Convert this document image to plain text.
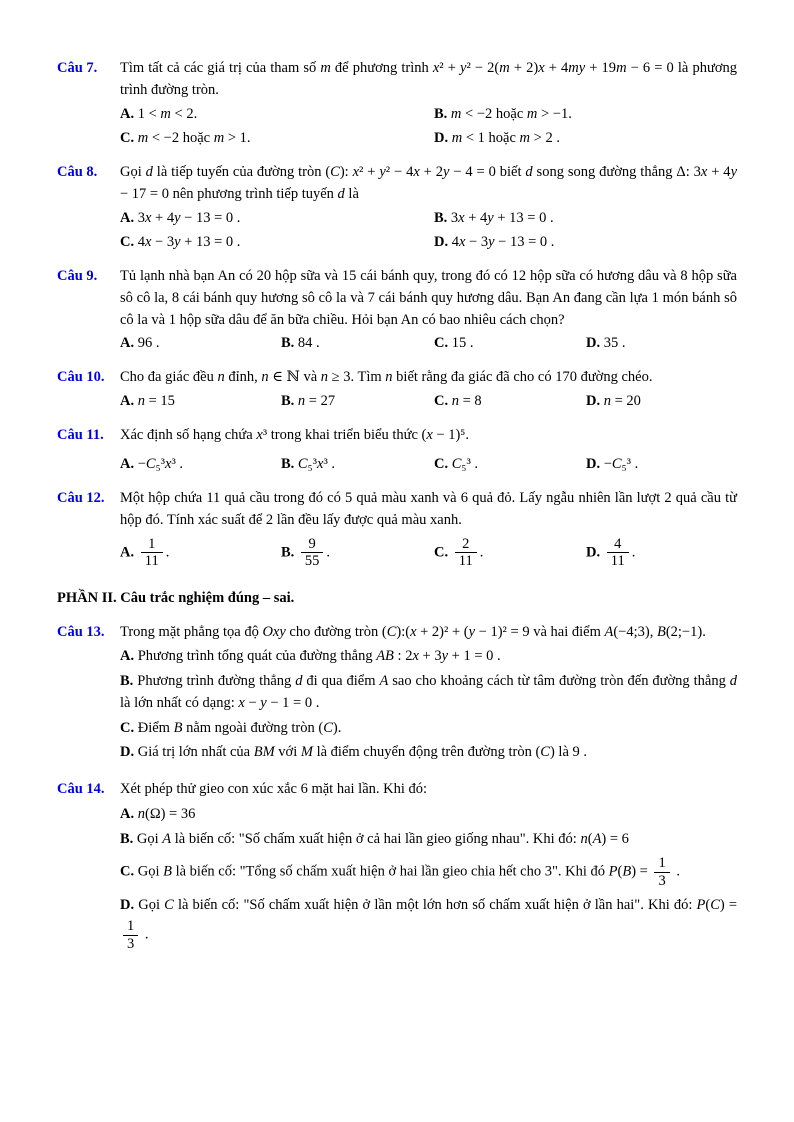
Câu 7.	Tìm tất cả các giá trị của tham số m để phương trình x² + y² − 2(m + 2)x + 4my + 19m − 6 = 0 là phương trình đường tròn.

A. 1 < m < 2.	B. m < −2 hoặc m > −1.
C. m < −2 hoặc m > 1.	D. m < 1 hoặc m > 2 .
Câu 8.	Gọi d là tiếp tuyến của đường tròn (C): x² + y² − 4x + 2y − 4 = 0 biết d song song đường thẳng Δ: 3x + 4y − 17 = 0 nên phương trình tiếp tuyến d là

A. 3x + 4y − 13 = 0 .	B. 3x + 4y + 13 = 0 .
C. 4x − 3y + 13 = 0 .	D. 4x − 3y − 13 = 0 .
Câu 9.	Tủ lạnh nhà bạn An có 20 hộp sữa và 15 cái bánh quy, trong đó có 12 hộp sữa có hương dâu và 8 hộp sữa sô cô la, 8 cái bánh quy hương sô cô la và 7 cái bánh quy hương dâu. Bạn An đang cần lựa 1 món bánh sô cô la và 1 hộp sữa dâu để ăn bữa chiều. Hỏi bạn An có bao nhiêu cách chọn?

A. 96 .	B. 84 .	C. 15 .	D. 35 .
Câu 10.	Cho đa giác đều n đỉnh, n ∈ ℕ và n ≥ 3. Tìm n biết rằng đa giác đã cho có 170 đường chéo.

A. n = 15	B. n = 27	C. n = 8	D. n = 20
Câu 11.	Xác định số hạng chứa x³ trong khai triển biểu thức (x − 1)⁵.

A. −C₅³x³ .	B. C₅³x³ .	C. C₅³ .	D. −C₅³ .
Câu 12.	Một hộp chứa 11 quả cầu trong đó có 5 quả màu xanh và 6 quả đỏ. Lấy ngẫu nhiên lần lượt 2 quả cầu từ hộp đó. Tính xác suất để 2 lần đều lấy được quả màu xanh.

A. $\frac{1}{11}$ .	B. $\frac{9}{55}$ .	C. $\frac{2}{11}$ .	D. $\frac{4}{11}$ .

PHẦN II. Câu trắc nghiệm đúng – sai.

Câu 13.	Trong mặt phẳng tọa độ Oxy cho đường tròn (C):(x + 2)² + (y − 1)² = 9 và hai điểm A(−4;3), B(2;−1).

A. Phương trình tổng quát của đường thẳng AB : 2x + 3y + 1 = 0 .

B. Phương trình đường thẳng d đi qua điểm A sao cho khoảng cách từ tâm đường tròn đến đường thẳng d là lớn nhất có dạng: x − y − 1 = 0 .

C. Điểm B nằm ngoài đường tròn (C).

D. Giá trị lớn nhất của BM với M là điểm chuyển động trên đường tròn (C) là 9 .

Câu 14.	Xét phép thử gieo con xúc xắc 6 mặt hai lần. Khi đó:

A. n(Ω) = 36

B. Gọi A là biến cố: "Số chấm xuất hiện ở cả hai lần gieo giống nhau". Khi đó: n(A) = 6

C. Gọi B là biến cố: "Tổng số chấm xuất hiện ở hai lần gieo chia hết cho 3". Khi đó $P(B) = \frac{1}{3}$ .

D. Gọi C là biến cố: "Số chấm xuất hiện ở lần một lớn hơn số chấm xuất hiện ở lần hai". Khi đó: P(C) =
$\frac{1}{3}$ .
